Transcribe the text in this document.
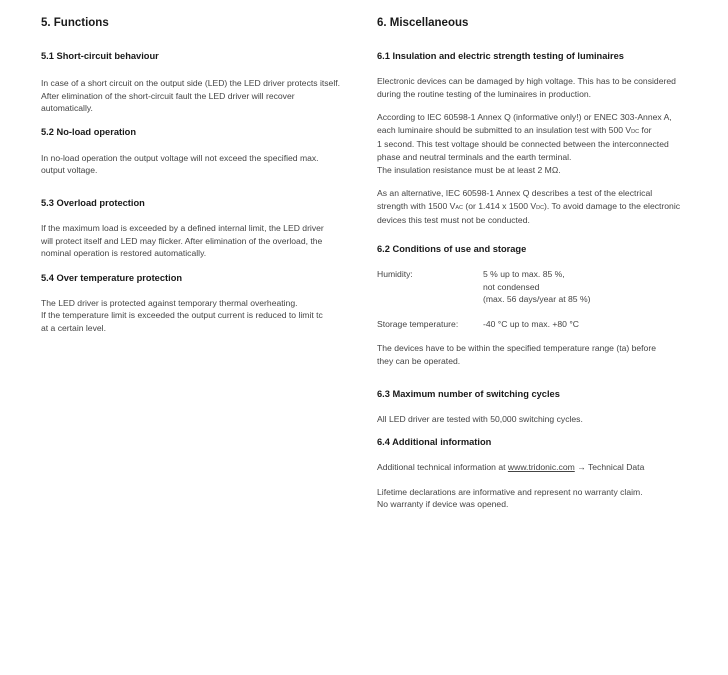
5. Functions
5.1 Short-circuit behaviour

In case of a short circuit on the output side (LED) the LED driver protects itself.
After elimination of the short-circuit fault the LED driver will recover
automatically.

5.2 No-load operation

In no-load operation the output voltage will not exceed the specified max.
output voltage.

5.3 Overload protection

If the maximum load is exceeded by a defined internal limit, the LED driver
will protect itself and LED may flicker. After elimination of the overload, the
nominal operation is restored automatically.

5.4 Over temperature protection

The LED driver is protected against temporary thermal overheating.
If the temperature limit is exceeded the output current is reduced to limit tc
at a certain level.

6. Miscellaneous
6.1 Insulation and electric strength testing of luminaires

Electronic devices can be damaged by high voltage. This has to be considered
during the routine testing of the luminaires in production.

According to IEC 60598-1 Annex Q (informative only!) or ENEC 303-Annex A,
each luminaire should be submitted to an insulation test with 500 VDC for
1 second. This test voltage should be connected between the interconnected
phase and neutral terminals and the earth terminal.
The insulation resistance must be at least 2 MΩ.

As an alternative, IEC 60598-1 Annex Q describes a test of the electrical
strength with 1500 VAC (or 1.414 x 1500 VDC). To avoid damage to the electronic
devices this test must not be conducted.

6.2 Conditions of use and storage
Humidity:	5 % up to max. 85 %,
not condensed
(max. 56 days/year at 85 %)
Storage temperature:	-40 °C up to max. +80 °C

The devices have to be within the specified temperature range (ta) before
they can be operated.

6.3 Maximum number of switching cycles

All LED driver are tested with 50,000 switching cycles.

6.4 Additional information

Additional technical information at www.tridonic.com → Technical Data

Lifetime declarations are informative and represent no warranty claim.
No warranty if device was opened.
